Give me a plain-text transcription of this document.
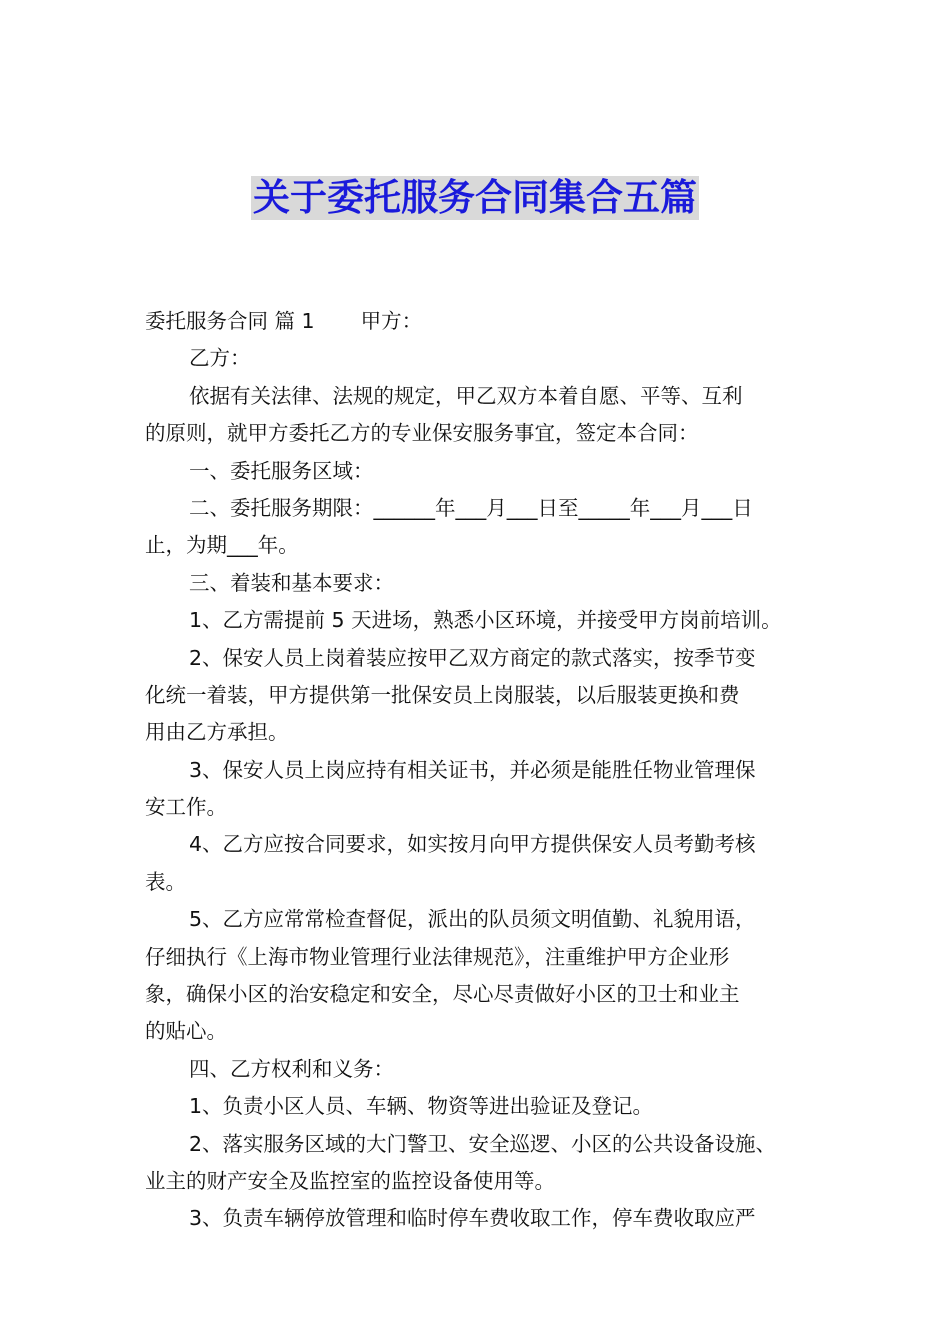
关于委托服务合同集合五篇
委托服务合同 篇 1 甲方：
乙方：
依据有关法律、法规的规定，甲乙双方本着自愿、平等、互利
的原则，就甲方委托乙方的专业保安服务事宜，签定本合同：
一、委托服务区域：
二、委托服务期限：______年___月___日至_____年___月___日
止，为期___年。
三、着装和基本要求：
1、乙方需提前 5 天进场，熟悉小区环境，并接受甲方岗前培训。
2、保安人员上岗着装应按甲乙双方商定的款式落实，按季节变
化统一着装，甲方提供第一批保安员上岗服装，以后服装更换和费
用由乙方承担。
3、保安人员上岗应持有相关证书，并必须是能胜任物业管理保
安工作。
4、乙方应按合同要求，如实按月向甲方提供保安人员考勤考核
表。
5、乙方应常常检查督促，派出的队员须文明值勤、礼貌用语，
仔细执行《上海市物业管理行业法律规范》，注重维护甲方企业形
象，确保小区的治安稳定和安全，尽心尽责做好小区的卫士和业主
的贴心。
四、乙方权利和义务：
1、负责小区人员、车辆、物资等进出验证及登记。
2、落实服务区域的大门警卫、安全巡逻、小区的公共设备设施、
业主的财产安全及监控室的监控设备使用等。
3、负责车辆停放管理和临时停车费收取工作，停车费收取应严
